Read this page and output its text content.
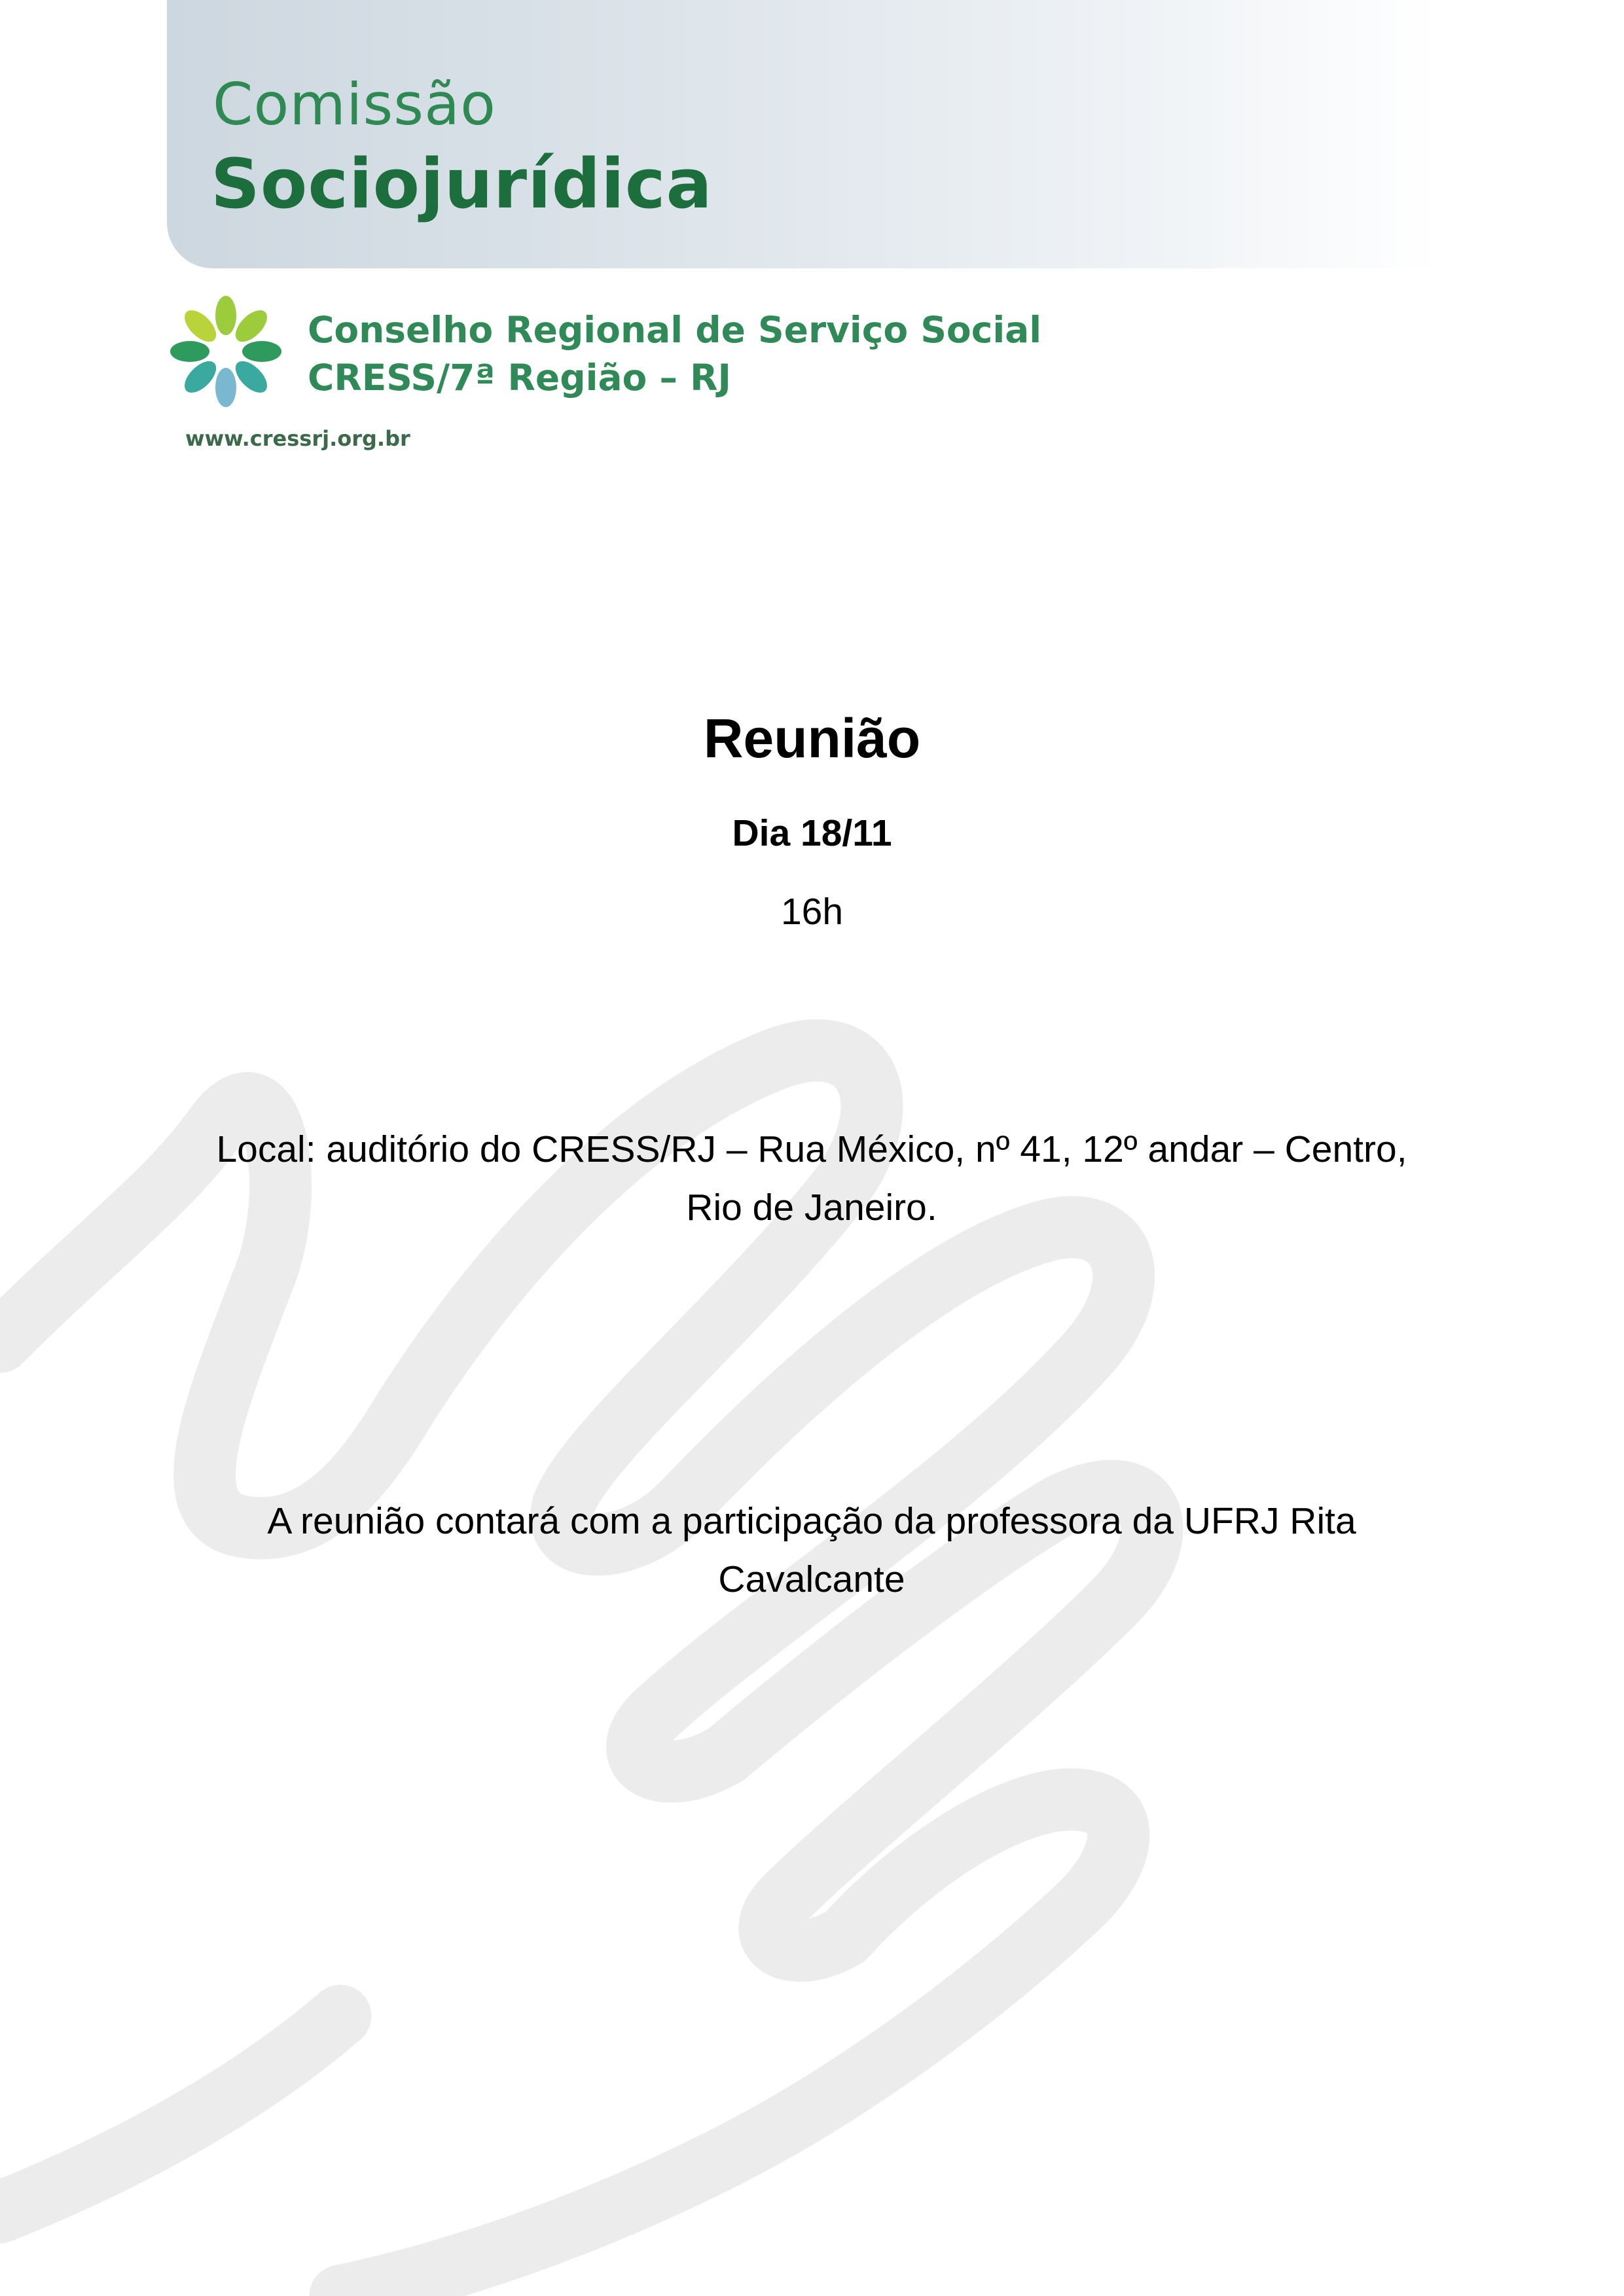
Comissão
Sociojurídica
Conselho Regional de Serviço Social
CRESS/7ª Região – RJ
www.cressrj.org.br
Reunião
Dia 18/11
16h
Local: auditório do CRESS/RJ – Rua México, nº 41, 12º andar – Centro,
Rio de Janeiro.
A reunião contará com a participação da professora da UFRJ Rita
Cavalcante
